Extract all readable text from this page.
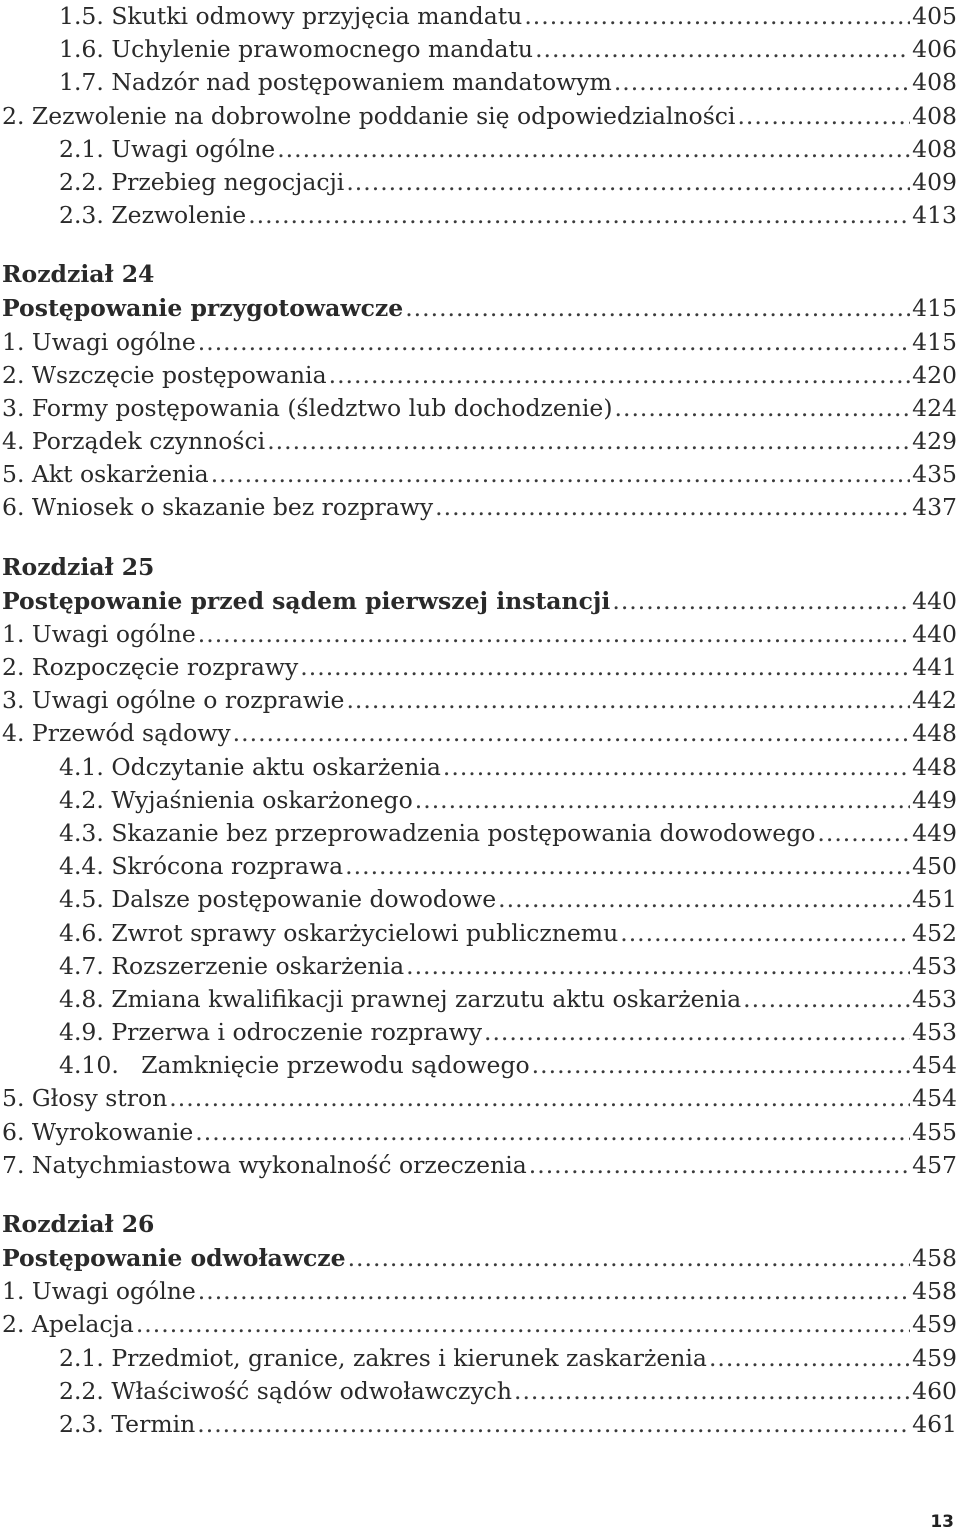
1.5. Skutki odmowy przyjęcia mandatu .....	405
1.6. Uchylenie prawomocnego mandatu .....	406
1.7. Nadzór nad postępowaniem mandatowym .....	408
2. Zezwolenie na dobrowolne poddanie się odpowiedzialności .....	408
2.1. Uwagi ogólne .....	408
2.2. Przebieg negocjacji .....	409
2.3. Zezwolenie .....	413
Rozdział 24
Postępowanie przygotowawcze .....	415
1. Uwagi ogólne .....	415
2. Wszczęcie postępowania .....	420
3. Formy postępowania (śledztwo lub dochodzenie) .....	424
4. Porządek czynności .....	429
5. Akt oskarżenia .....	435
6. Wniosek o skazanie bez rozprawy .....	437
Rozdział 25
Postępowanie przed sądem pierwszej instancji .....	440
1. Uwagi ogólne .....	440
2. Rozpoczęcie rozprawy .....	441
3. Uwagi ogólne o rozprawie .....	442
4. Przewód sądowy .....	448
4.1. Odczytanie aktu oskarżenia .....	448
4.2. Wyjaśnienia oskarżonego .....	449
4.3. Skazanie bez przeprowadzenia postępowania dowodowego .....	449
4.4. Skrócona rozprawa .....	450
4.5. Dalsze postępowanie dowodowe .....	451
4.6. Zwrot sprawy oskarżycielowi publicznemu .....	452
4.7. Rozszerzenie oskarżenia .....	453
4.8. Zmiana kwalifikacji prawnej zarzutu aktu oskarżenia .....	453
4.9. Przerwa i odroczenie rozprawy .....	453
4.10. Zamknięcie przewodu sądowego .....	454
5. Głosy stron .....	454
6. Wyrokowanie .....	455
7. Natychmiastowa wykonalność orzeczenia .....	457
Rozdział 26
Postępowanie odwoławcze .....	458
1. Uwagi ogólne .....	458
2. Apelacja .....	459
2.1. Przedmiot, granice, zakres i kierunek zaskarżenia .....	459
2.2. Właściwość sądów odwoławczych .....	460
2.3. Termin .....	461
13
